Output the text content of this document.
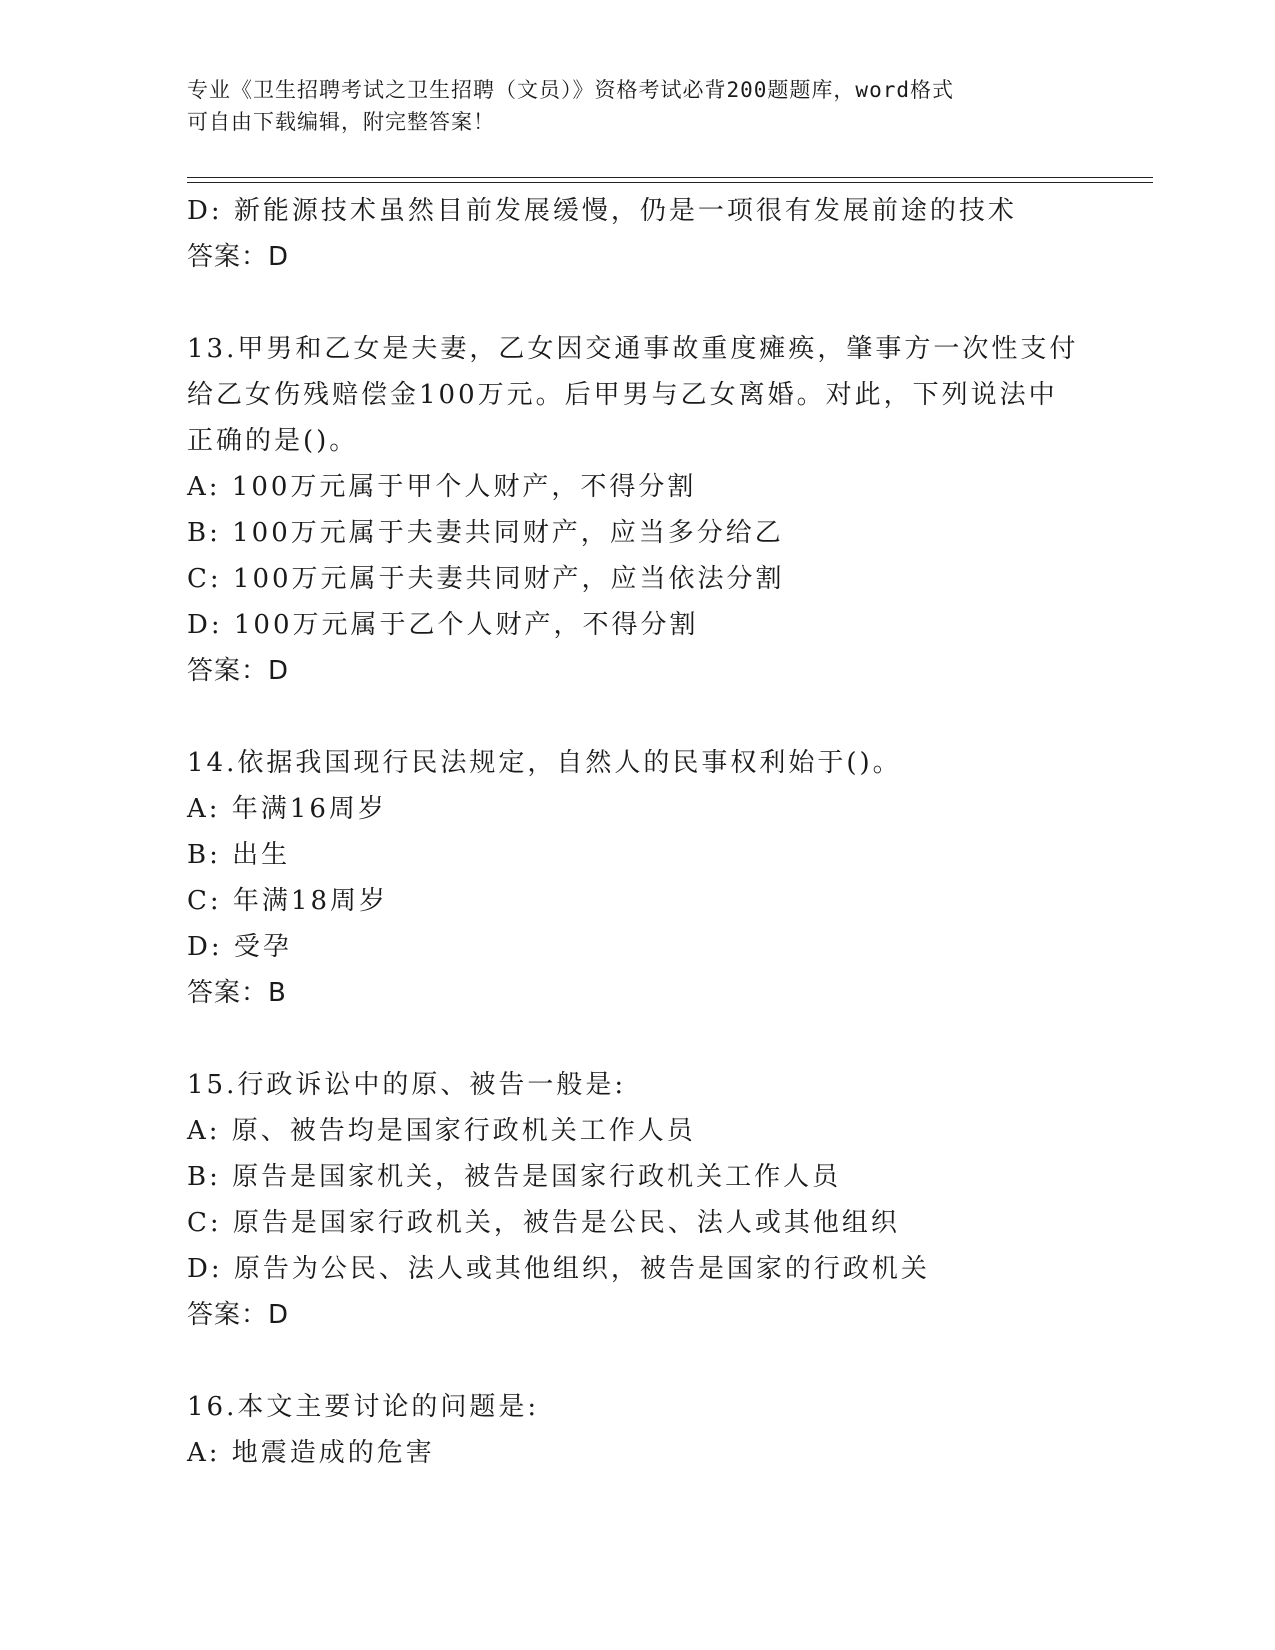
专业《卫生招聘考试之卫生招聘（文员）》资格考试必背200题题库，word格式
可自由下载编辑，附完整答案！
D: 新能源技术虽然目前发展缓慢，仍是一项很有发展前途的技术
答案：D
13.甲男和乙女是夫妻，乙女因交通事故重度瘫痪，肇事方一次性支付
给乙女伤残赔偿金100万元。后甲男与乙女离婚。对此，下列说法中
正确的是()。
A: 100万元属于甲个人财产，不得分割
B: 100万元属于夫妻共同财产，应当多分给乙
C: 100万元属于夫妻共同财产，应当依法分割
D: 100万元属于乙个人财产，不得分割
答案：D
14.依据我国现行民法规定，自然人的民事权利始于()。
A: 年满16周岁
B: 出生
C: 年满18周岁
D: 受孕
答案：B
15.行政诉讼中的原、被告一般是:
A: 原、被告均是国家行政机关工作人员
B: 原告是国家机关，被告是国家行政机关工作人员
C: 原告是国家行政机关，被告是公民、法人或其他组织
D: 原告为公民、法人或其他组织，被告是国家的行政机关
答案：D
16.本文主要讨论的问题是:
A: 地震造成的危害
